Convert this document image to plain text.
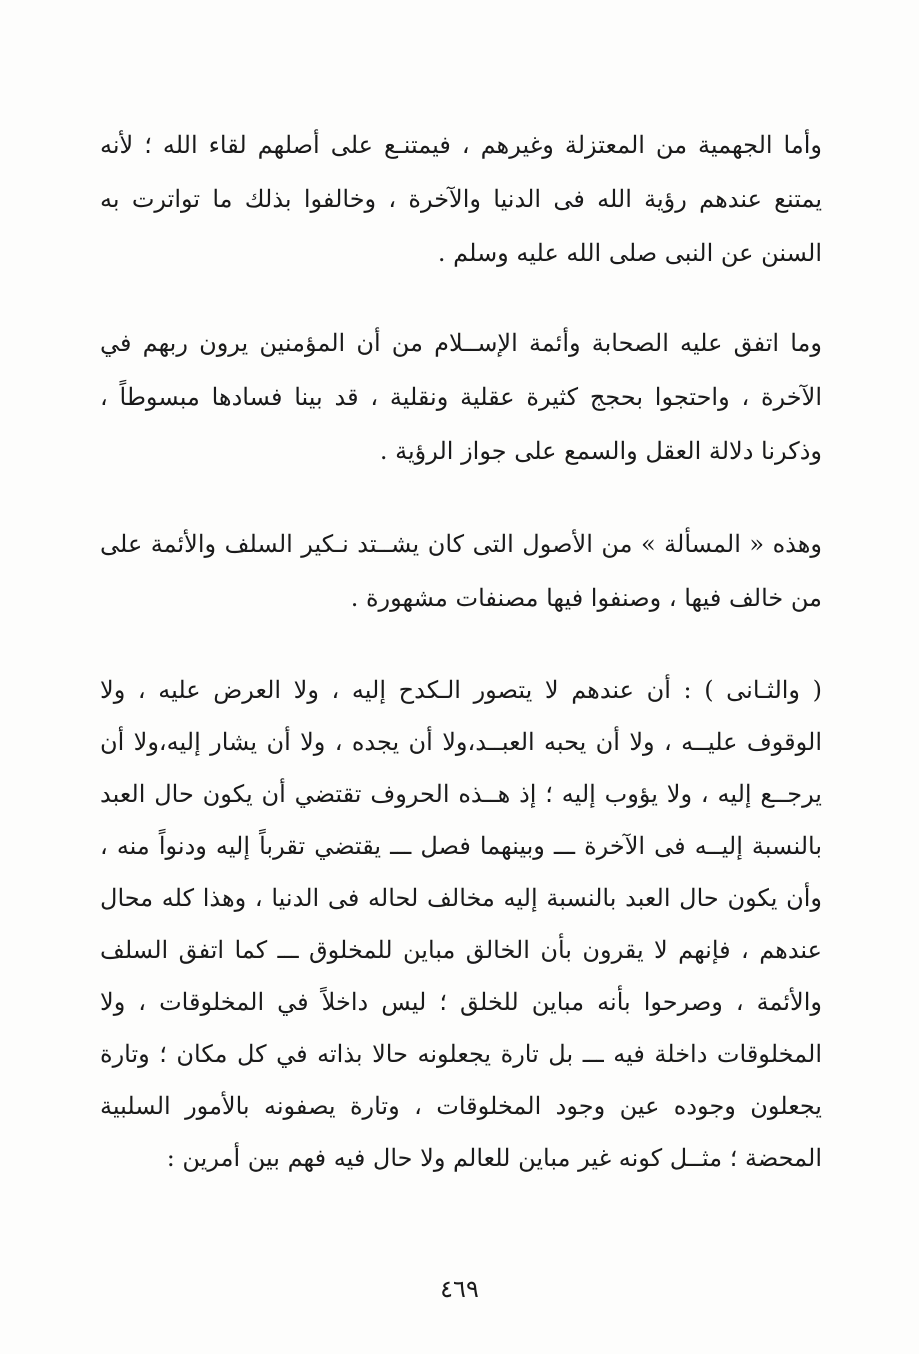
وأما الجهمية من المعتزلة وغيرهم ، فيمتنـع على أصلهم لقاء الله ؛ لأنه يمتنع عندهم رؤية الله فى الدنيا والآخرة ، وخالفوا بذلك ما تواترت به السنن عن النبى صلى الله عليه وسلم .

وما اتفق عليه الصحابة وأئمة الإســلام من أن المؤمنين يرون ربهم في الآخرة ، واحتجوا بحجج كثيرة عقلية ونقلية ، قد بينا فسادها مبسوطاً ، وذكرنا دلالة العقل والسمع على جواز الرؤية .

وهذه « المسألة » من الأصول التى كان يشــتد نـكير السلف والأئمة على من خالف فيها ، وصنفوا فيها مصنفات مشهورة .

( والثـانى ) : أن عندهم لا يتصور الـكدح إليه ، ولا العرض عليه ، ولا الوقوف عليــه ، ولا أن يحبه العبــد،ولا أن يجده ، ولا أن يشار إليه،ولا أن يرجــع إليه ، ولا يؤوب إليه ؛ إذ هــذه الحروف تقتضي أن يكون حال العبد بالنسبة إليــه فى الآخرة ـــ وبينهما فصل ـــ يقتضي تقرباً إليه ودنواً منه ، وأن يكون حال العبد بالنسبة إليه مخالف لحاله فى الدنيا ، وهذا كله محال عندهم ، فإنهم لا يقرون بأن الخالق مباين للمخلوق ـــ كما اتفق السلف والأئمة ، وصرحوا بأنه مباين للخلق ؛ ليس داخلاً في المخلوقات ، ولا المخلوقات داخلة فيه ـــ بل تارة يجعلونه حالا بذاته في كل مكان ؛ وتارة يجعلون وجوده عين وجود المخلوقات ، وتارة يصفونه بالأمور السلبية المحضة ؛ مثــل كونه غير مباين للعالم ولا حال فيه فهم بين أمرين :

٤٦٩
